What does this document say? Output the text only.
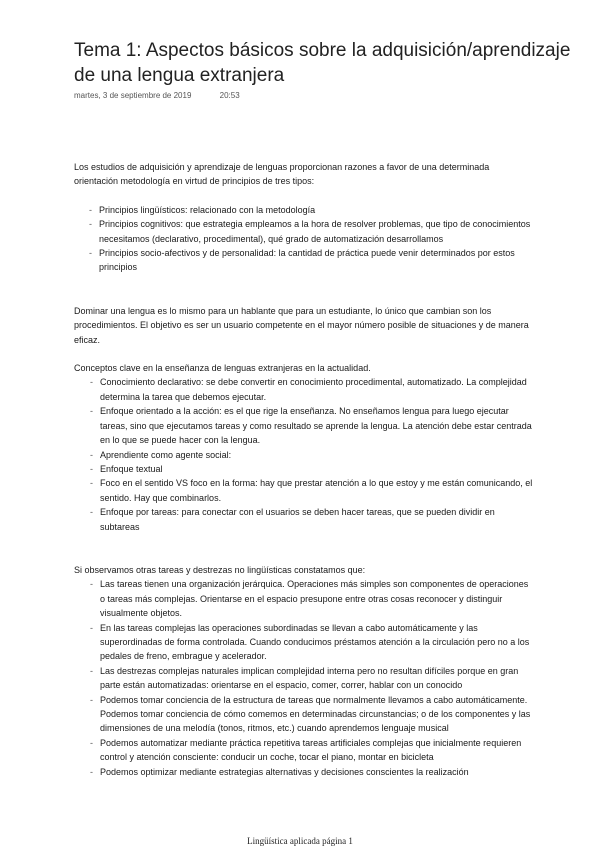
Tema 1: Aspectos básicos sobre la adquisición/aprendizaje de una lengua extranjera
martes, 3 de septiembre de 2019	20:53

Los estudios de adquisición y aprendizaje de lenguas proporcionan razones a favor de una determinada orientación metodología en virtud de principios de tres tipos:

- Principios lingüísticos: relacionado con la metodología
- Principios cognitivos: que estrategia empleamos a la hora de resolver problemas, que tipo de conocimientos necesitamos (declarativo, procedimental), qué grado de automatización desarrollamos
- Principios socio-afectivos y de personalidad: la cantidad de práctica puede venir determinados por estos principios

Dominar una lengua es lo mismo para un hablante que para un estudiante, lo único que cambian son los procedimientos. El objetivo es ser un usuario competente en el mayor número posible de situaciones y de manera eficaz.

Conceptos clave en la enseñanza de lenguas extranjeras en la actualidad.

- Conocimiento declarativo: se debe convertir en conocimiento procedimental, automatizado. La complejidad determina la tarea que debemos ejecutar.
- Enfoque orientado a la acción: es el que rige la enseñanza. No enseñamos lengua para luego ejecutar tareas, sino que ejecutamos tareas y como resultado se aprende la lengua. La atención debe estar centrada en lo que se puede hacer con la lengua.
- Aprendiente como agente social:
- Enfoque textual
- Foco en el sentido VS foco en la forma: hay que prestar atención a lo que estoy y me están comunicando, el sentido. Hay que combinarlos.
- Enfoque por tareas: para conectar con el usuarios se deben hacer tareas, que se pueden dividir en subtareas

Si observamos otras tareas y destrezas no lingüísticas constatamos que:

- Las tareas tienen una organización jerárquica. Operaciones más simples son componentes de operaciones o tareas más complejas. Orientarse en el espacio presupone entre otras cosas reconocer y distinguir visualmente objetos.
- En las tareas complejas las operaciones subordinadas se llevan a cabo automáticamente y las superordinadas de forma controlada. Cuando conducimos préstamos atención a la circulación pero no a los pedales de freno, embrague y acelerador.
- Las destrezas complejas naturales implican complejidad interna pero no resultan difíciles porque en gran parte están automatizadas: orientarse en el espacio, comer, correr, hablar con un conocido
- Podemos tomar conciencia de la estructura de tareas que normalmente llevamos a cabo automáticamente. Podemos tomar conciencia de cómo comemos en determinadas circunstancias; o de los componentes y las dimensiones de una melodía (tonos, ritmos, etc.) cuando aprendemos lenguaje musical
- Podemos automatizar mediante práctica repetitiva tareas artificiales complejas que inicialmente requieren control y atención consciente: conducir un coche, tocar el piano, montar en bicicleta
- Podemos optimizar mediante estrategias alternativas y decisiones conscientes la realización
Lingüística aplicada página 1
